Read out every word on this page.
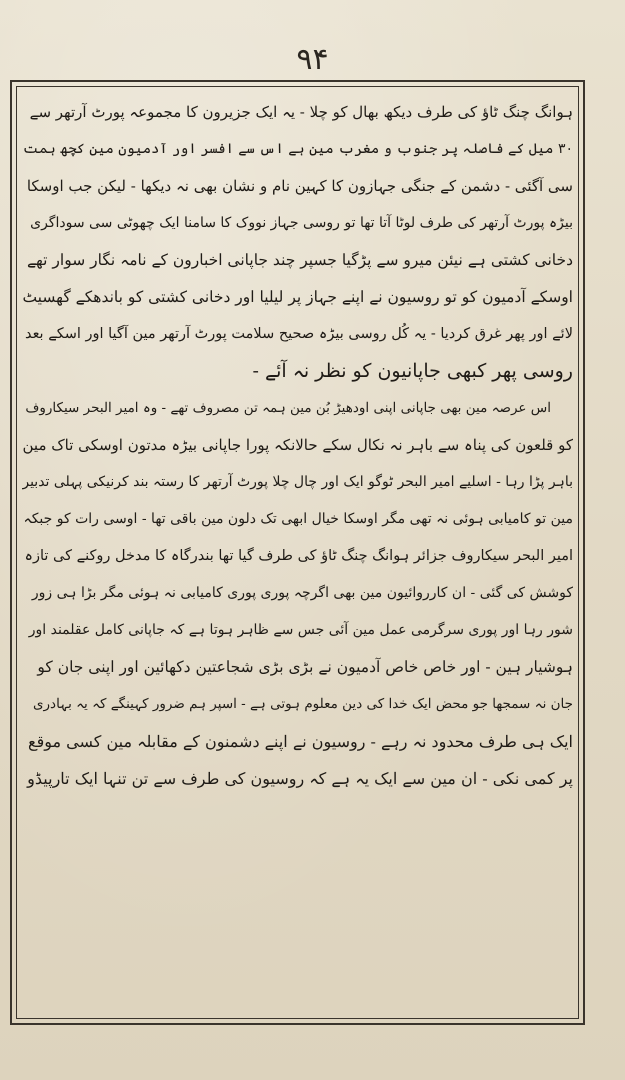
۹۴
ہوانگ چنگ ٹاؤ کی طرف دیکھ بھال کو چلا - یہ ایک جزیرون کا مجموعہ پورٹ آرتھر سے
۳۰ میل کے فاصلہ پر جنوب و مغرب مین ہے اس سے افسر اور آدمیون مین کچھ ہمت
سی آگئی - دشمن کے جنگی جہازون کا کہین نام و نشان بھی نہ دیکھا - لیکن جب اوسکا
بیڑہ پورٹ آرتھر کی طرف لوٹا آتا تھا تو روسی جہاز نووک کا سامنا ایک چھوٹی سی سوداگری
دخانی کشتی ہے نیئن میرو سے پڑگیا جسپر چند جاپانی اخبارون کے نامہ نگار سوار تھے
اوسکے آدمیون کو تو روسیون نے اپنے جہاز پر لیلیا اور دخانی کشتی کو باندھکے گھسیٹ
لائے اور پھر غرق کردیا - یہ کُل روسی بیڑہ صحیح سلامت پورٹ آرتھر مین آگیا اور اسکے بعد
روسی پھر کبھی جاپانیون کو نظر نہ آئے -
اس عرصہ مین بھی جاپانی اپنی اودھیڑ بُن مین ہمہ تن مصروف تھے - وہ امیر البحر سیکاروف
کو قلعون کی پناہ سے باہر نہ نکال سکے حالانکہ پورا جاپانی بیڑہ مدتون اوسکی تاک مین
باہر پڑا رہا - اسلیے امیر البحر ٹوگو ایک اور چال چلا پورٹ آرتھر کا رستہ بند کرنیکی پہلی تدبیر
مین تو کامیابی ہوئی نہ تھی مگر اوسکا خیال ابھی تک دلون مین باقی تھا - اوسی رات کو جبکہ
امیر البحر سیکاروف جزائر ہوانگ چنگ ٹاؤ کی طرف گیا تھا بندرگاہ کا مدخل روکنے کی تازہ
کوشش کی گئی - ان کارروائیون مین بھی اگرچہ پوری پوری کامیابی نہ ہوئی مگر بڑا ہی زور
شور رہا اور پوری سرگرمی عمل مین آئی جس سے ظاہر ہوتا ہے کہ جاپانی کامل عقلمند اور
ہوشیار ہین - اور خاص خاص آدمیون نے بڑی بڑی شجاعتین دکھائین اور اپنی جان کو
جان نہ سمجھا جو محض ایک خدا کی دین معلوم ہوتی ہے - اسپر ہم ضرور کہینگے کہ یہ بہادری
ایک ہی طرف محدود نہ رہے - روسیون نے اپنے دشمنون کے مقابلہ مین کسی موقع
پر کمی نکی - ان مین سے ایک یہ ہے کہ روسیون کی طرف سے تن تنہا ایک تارپیڈو
